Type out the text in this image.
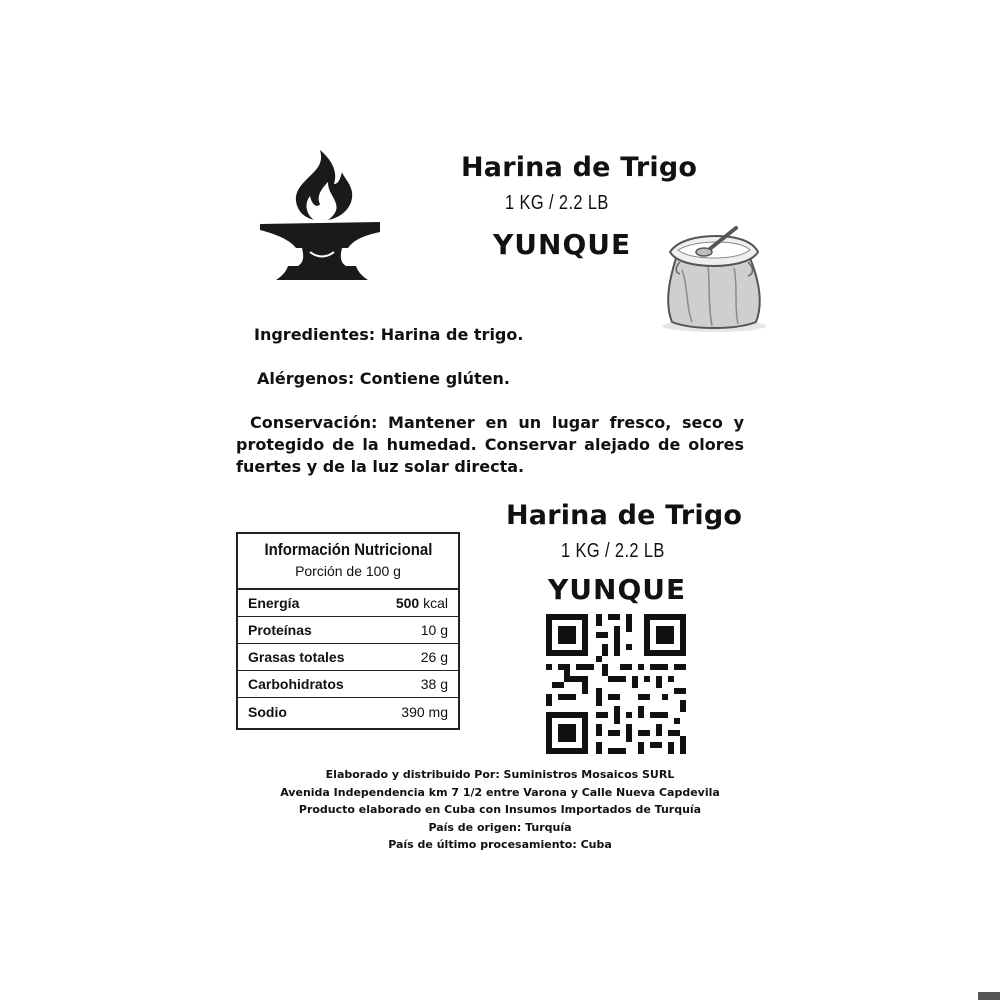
Harina de Trigo
1 KG / 2.2 LB
YUNQUE
Ingredientes: Harina de trigo.
Alérgenos: Contiene glúten.
Conservación: Mantener en un lugar fresco, seco y protegido de la humedad. Conservar alejado de olores fuertes y de la luz solar directa.
Información Nutricional
Porción de 100 g
Energía	500 kcal
Proteínas	10 g
Grasas totales	26 g
Carbohidratos	38 g
Sodio	390 mg
Harina de Trigo
1 KG / 2.2 LB
YUNQUE
Elaborado y distribuido Por: Suministros Mosaicos SURL
Avenida Independencia km 7 1/2 entre Varona y Calle Nueva Capdevila
Producto elaborado en Cuba con Insumos Importados de Turquía
País de origen: Turquía
País de último procesamiento: Cuba
